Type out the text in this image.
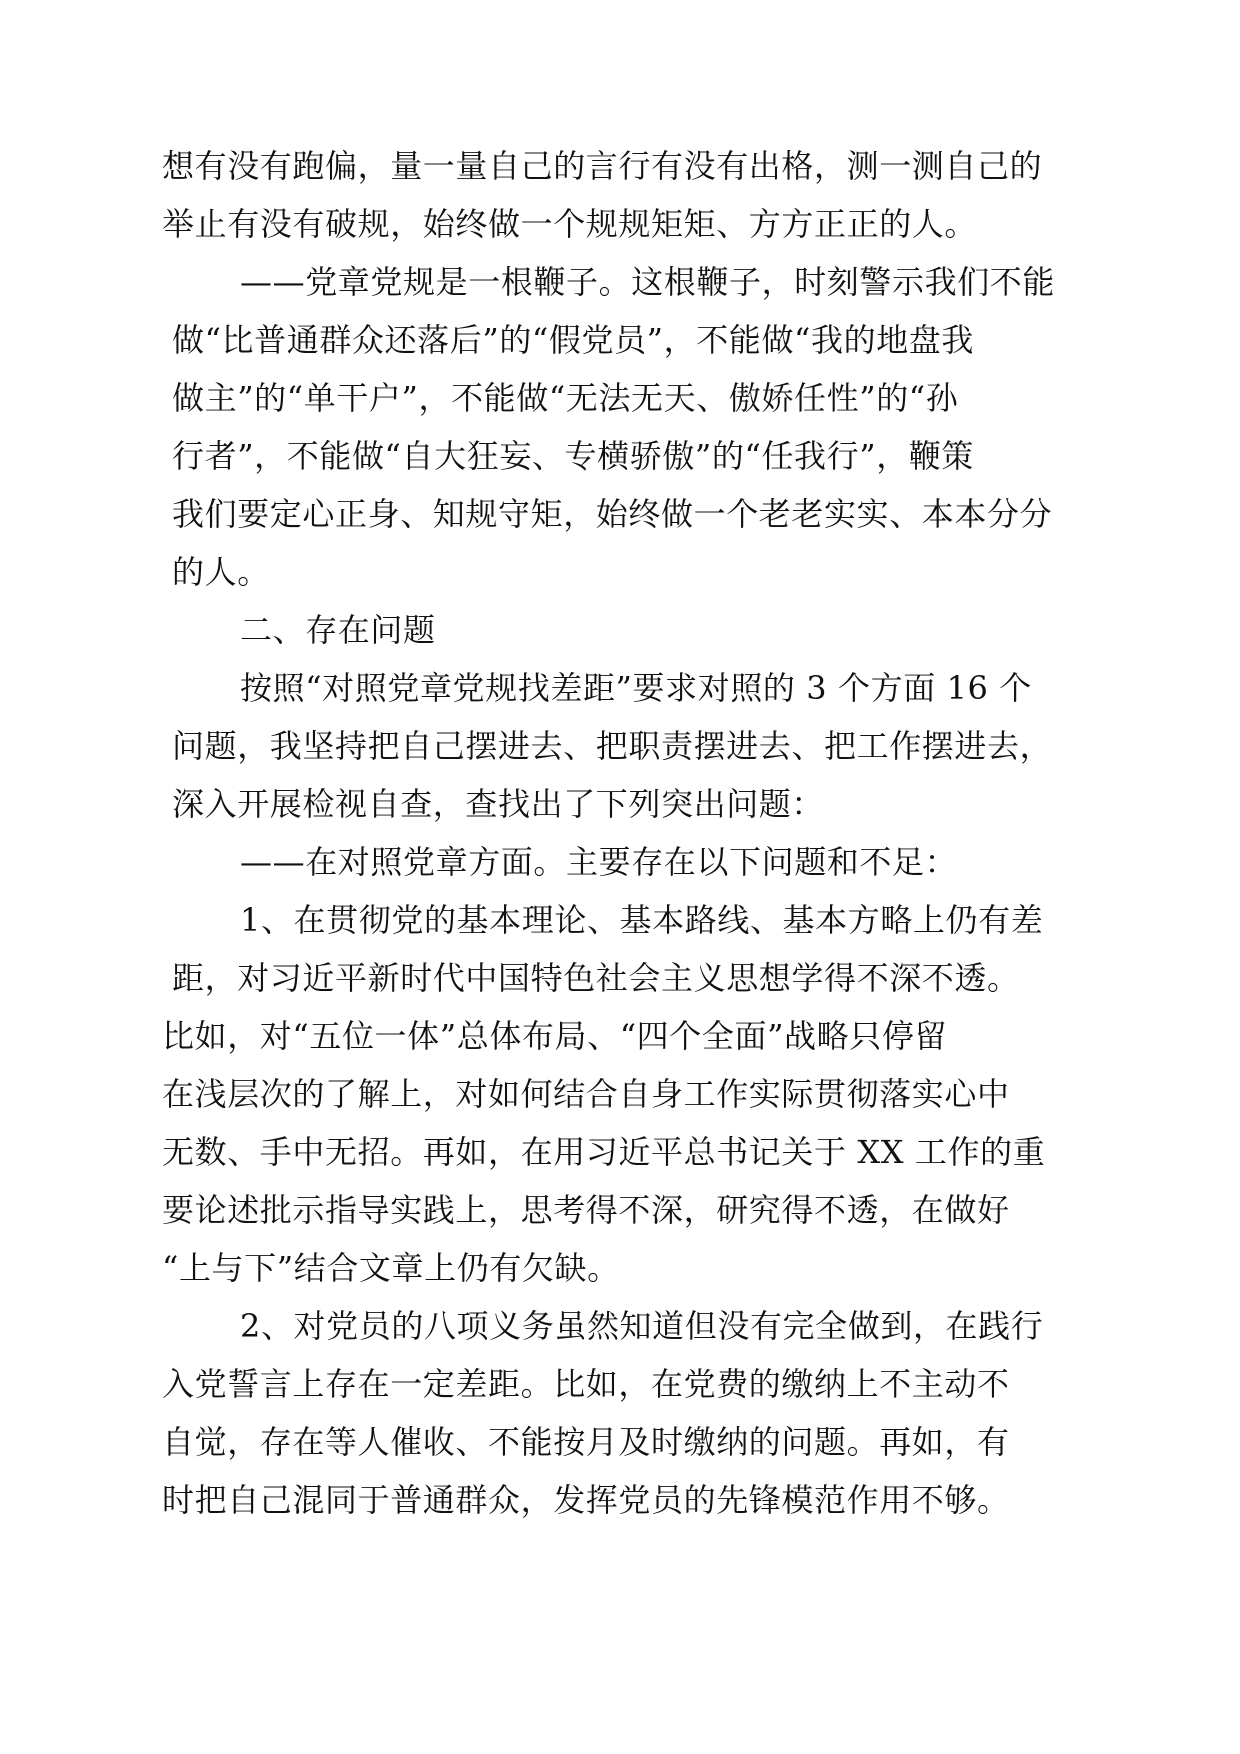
想有没有跑偏，量一量自己的言行有没有出格，测一测自己的

举止有没有破规，始终做一个规规矩矩、方方正正的人。

——党章党规是一根鞭子。这根鞭子，时刻警示我们不能

做“比普通群众还落后”的“假党员”，不能做“我的地盘我

做主”的“单干户”，不能做“无法无天、傲娇任性”的“孙

行者”，不能做“自大狂妄、专横骄傲”的“任我行”，鞭策

我们要定心正身、知规守矩，始终做一个老老实实、本本分分

的人。

二、存在问题

按照“对照党章党规找差距”要求对照的 3 个方面 16 个

问题，我坚持把自己摆进去、把职责摆进去、把工作摆进去，

深入开展检视自查，查找出了下列突出问题：

——在对照党章方面。主要存在以下问题和不足：

1、在贯彻党的基本理论、基本路线、基本方略上仍有差

距，对习近平新时代中国特色社会主义思想学得不深不透。

比如，对“五位一体”总体布局、“四个全面”战略只停留

在浅层次的了解上，对如何结合自身工作实际贯彻落实心中

无数、手中无招。再如，在用习近平总书记关于 XX 工作的重

要论述批示指导实践上，思考得不深，研究得不透，在做好

“上与下”结合文章上仍有欠缺。

2、对党员的八项义务虽然知道但没有完全做到，在践行

入党誓言上存在一定差距。比如，在党费的缴纳上不主动不

自觉，存在等人催收、不能按月及时缴纳的问题。再如，有

时把自己混同于普通群众，发挥党员的先锋模范作用不够。
